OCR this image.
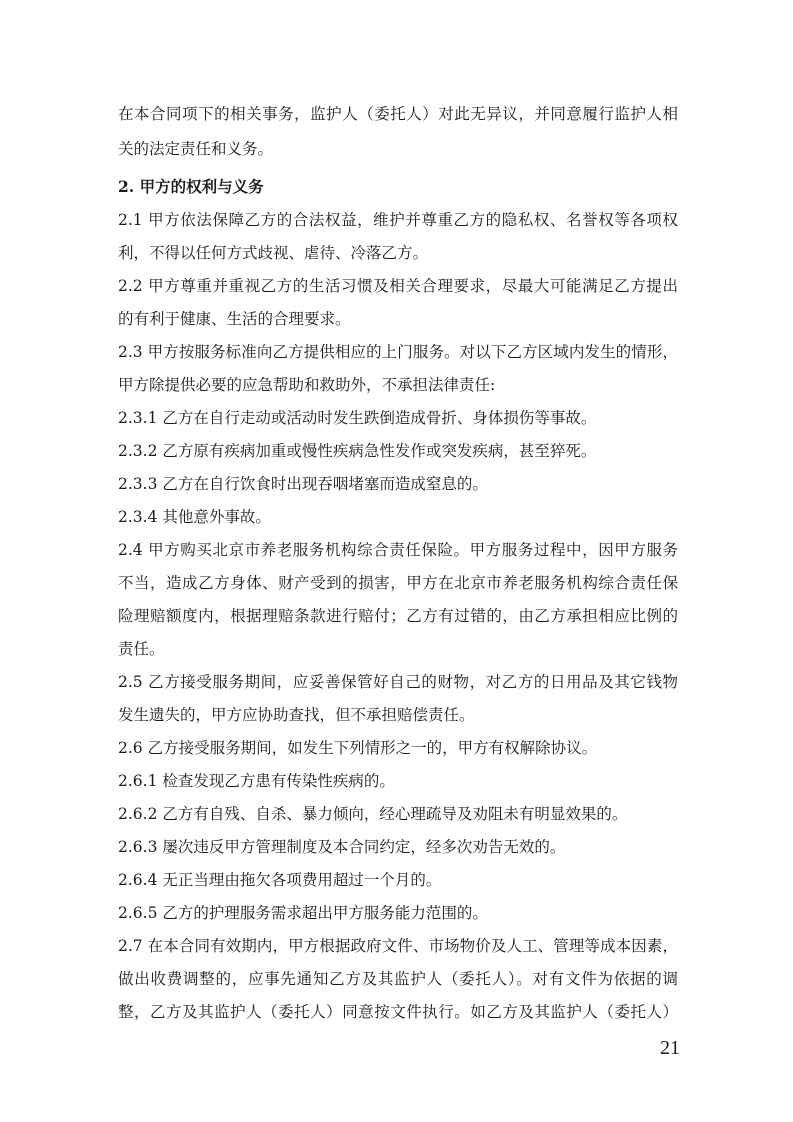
在本合同项下的相关事务，监护人（委托人）对此无异议，并同意履行监护人相
关的法定责任和义务。
2. 甲方的权利与义务
2.1 甲方依法保障乙方的合法权益，维护并尊重乙方的隐私权、名誉权等各项权
利，不得以任何方式歧视、虐待、冷落乙方。
2.2 甲方尊重并重视乙方的生活习惯及相关合理要求，尽最大可能满足乙方提出
的有利于健康、生活的合理要求。
2.3 甲方按服务标准向乙方提供相应的上门服务。对以下乙方区域内发生的情形，
甲方除提供必要的应急帮助和救助外，不承担法律责任:
2.3.1 乙方在自行走动或活动时发生跌倒造成骨折、身体损伤等事故。
2.3.2 乙方原有疾病加重或慢性疾病急性发作或突发疾病，甚至猝死。
2.3.3 乙方在自行饮食时出现吞咽堵塞而造成窒息的。
2.3.4 其他意外事故。
2.4 甲方购买北京市养老服务机构综合责任保险。甲方服务过程中，因甲方服务
不当，造成乙方身体、财产受到的损害，甲方在北京市养老服务机构综合责任保
险理赔额度内，根据理赔条款进行赔付；乙方有过错的，由乙方承担相应比例的
责任。
2.5 乙方接受服务期间，应妥善保管好自己的财物，对乙方的日用品及其它钱物
发生遗失的，甲方应协助查找，但不承担赔偿责任。
2.6 乙方接受服务期间，如发生下列情形之一的，甲方有权解除协议。
2.6.1 检查发现乙方患有传染性疾病的。
2.6.2 乙方有自残、自杀、暴力倾向，经心理疏导及劝阻未有明显效果的。
2.6.3 屡次违反甲方管理制度及本合同约定，经多次劝告无效的。
2.6.4 无正当理由拖欠各项费用超过一个月的。
2.6.5 乙方的护理服务需求超出甲方服务能力范围的。
2.7 在本合同有效期内，甲方根据政府文件、市场物价及人工、管理等成本因素，
做出收费调整的，应事先通知乙方及其监护人（委托人）。对有文件为依据的调
整，乙方及其监护人（委托人）同意按文件执行。如乙方及其监护人（委托人）
21
